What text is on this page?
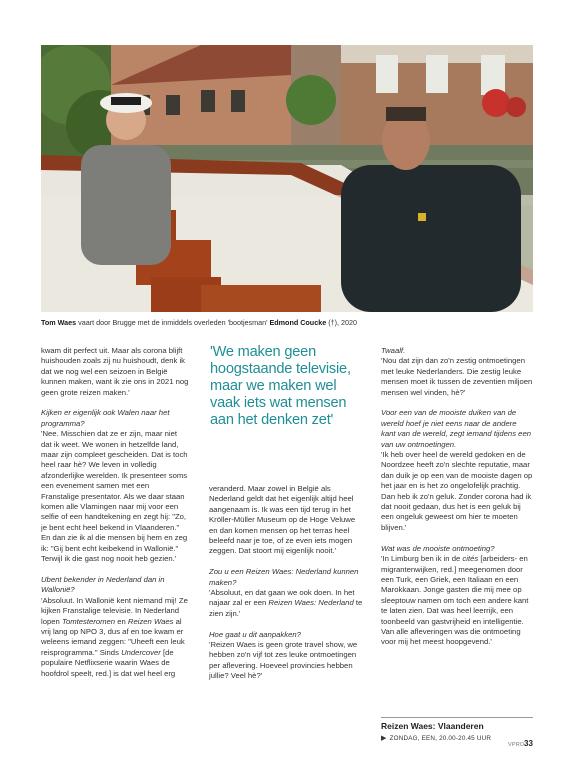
Tom Waes vaart door Brugge met de inmiddels overleden 'bootjesman' Edmond Coucke (†), 2020

kwam dit perfect uit. Maar als corona blijft huishouden zoals zij nu huishoudt, denk ik dat we nog wel een seizoen in België kunnen maken, want ik zie ons in 2021 nog geen grote reizen maken.'

Kijken er eigenlijk ook Walen naar het programma?

'Nee. Misschien dat ze er zijn, maar niet dat ik weet. We wonen in hetzelfde land, maar zijn compleet gescheiden. Dat is toch heel raar hè? We leven in volledig afzonderlijke werelden. Ik presenteer soms een evenement samen met een Franstalige presentator. Als we daar staan komen alle Vlamingen naar mij voor een selfie of een handtekening en zegt hij: "Zo, je bent echt heel bekend in Vlaanderen." En dan zie ik al die mensen bij hem en zeg ik: "Gij bent echt keibekend in Wallonië." Terwijl ik die gast nog nooit heb gezien.'

Ubent bekender in Nederland dan in Wallonië?

'Absoluut. In Wallonië kent niemand mij! Ze kijken Franstalige televisie. In Nederland lopen Tomtesteromen en Reizen Waes al vrij lang op NPO 3, dus af en toe kwam er weleens iemand zeggen: "Uheeft een leuk reisprogramma." Sinds Undercover [de populaire Netflixserie waarin Waes de hoofdrol speelt, red.] is dat wel heel erg

'We maken geen hoogstaande televisie, maar we maken wel vaak iets wat mensen aan het denken zet'

veranderd. Maar zowel in België als Nederland geldt dat het eigenlijk altijd heel aangenaam is. Ik was een tijd terug in het Kröller-Müller Museum op de Hoge Veluwe en dan komen mensen op het terras heel beleefd naar je toe, of ze even iets mogen zeggen. Dat stoort mij eigenlijk nooit.'

Zou u een Reizen Waes: Nederland kunnen maken?

'Absoluut, en dat gaan we ook doen. In het najaar zal er een Reizen Waes: Nederland te zien zijn.'

Hoe gaat u dit aanpakken?

'Reizen Waes is geen grote travel show, we hebben zo'n vijf tot zes leuke ontmoetingen per aflevering. Hoeveel provincies hebben jullie? Veel hè?'

Twaalf.

'Nou dat zijn dan zo'n zestig ontmoetingen met leuke Nederlanders. Die zestig leuke mensen moet ik tussen de zeventien miljoen mensen wel vinden, hè?'

Voor een van de mooiste duiken van de wereld hoef je niet eens naar de andere kant van de wereld, zegt iemand tijdens een van uw ontmoetingen.

'Ik heb over heel de wereld gedoken en de Noordzee heeft zo'n slechte reputatie, maar dan duik je op een van de mooiste dagen op het jaar en is het zo ongelofelijk prachtig. Dan heb ik zo'n geluk. Zonder corona had ik dat nooit gedaan, dus het is een geluk bij een ongeluk geweest om hier te moeten blijven.'

Wat was de mooiste ontmoeting?

'In Limburg ben ik in de cités [arbeiders- en migrantenwijken, red.] meegenomen door een Turk, een Griek, een Italiaan en een Marokkaan. Jonge gasten die mij mee op sleeptouw namen om toch een andere kant te laten zien. Dat was heel leerrijk, een toonbeeld van gastvrijheid en intelligentie. Van alle afleveringen was die ontmoeting voor mij het meest hoopgevend.'

Reizen Waes: Vlaanderen
▶ ZONDAG, EEN, 20.00-20.45 UUR
VPRO 33
